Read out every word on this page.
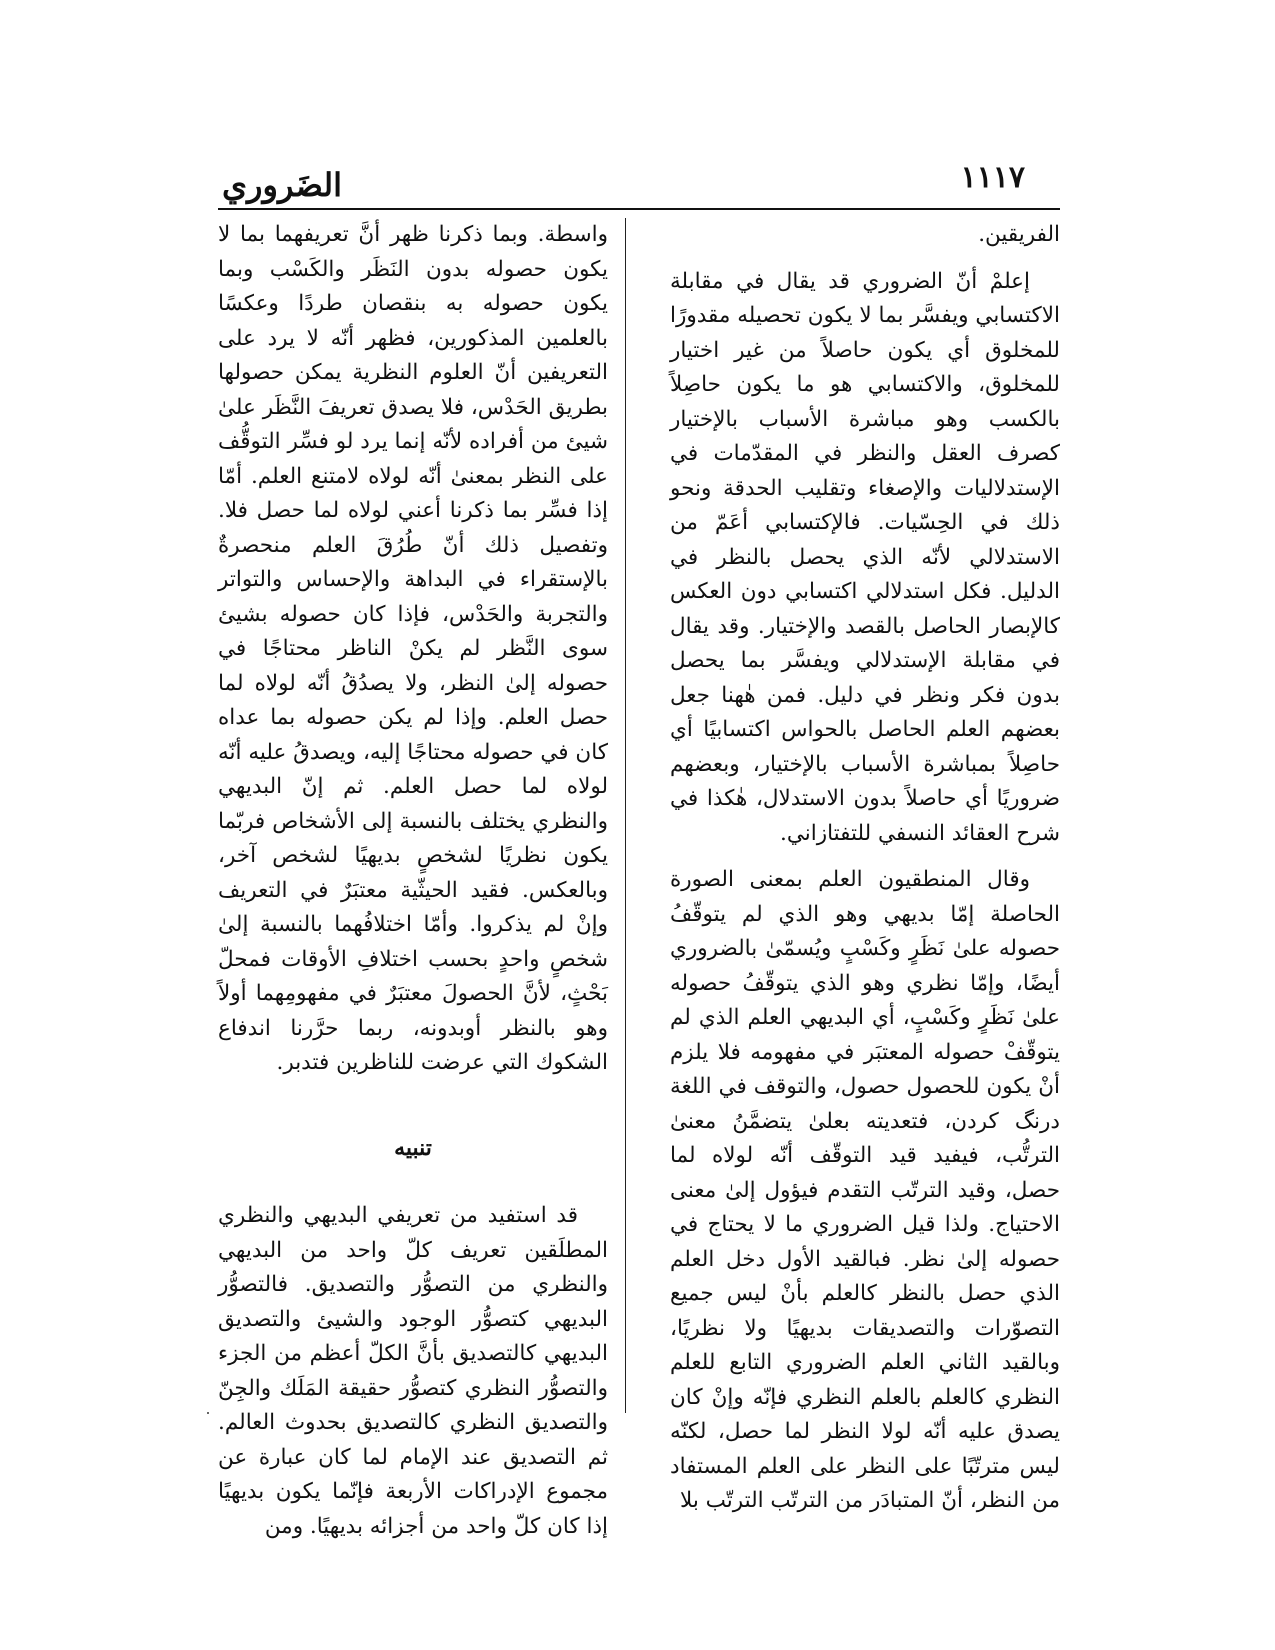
١١١٧
الضَروري

الفريقين.

إعلمْ أنّ الضروري قد يقال في مقابلة الاكتسابي ويفسَّر بما لا يكون تحصيله مقدورًا للمخلوق أي يكون حاصلاً من غير اختيار للمخلوق، والاكتسابي هو ما يكون حاصِلاً بالكسب وهو مباشرة الأسباب بالإختيار كصرف العقل والنظر في المقدّمات في الإستدلاليات والإصغاء وتقليب الحدقة ونحو ذلك في الحِسّيات. فالإكتسابي أعَمّ من الاستدلالي لأنّه الذي يحصل بالنظر في الدليل. فكل استدلالي اكتسابي دون العكس كالإبصار الحاصل بالقصد والإختيار. وقد يقال في مقابلة الإستدلالي ويفسَّر بما يحصل بدون فكر ونظر في دليل. فمن هٰهنا جعل بعضهم العلم الحاصل بالحواس اكتسابيًا أي حاصِلاً بمباشرة الأسباب بالإختيار، وبعضهم ضروريًا أي حاصلاً بدون الاستدلال، هٰكذا في شرح العقائد النسفي للتفتازاني.

وقال المنطقيون العلم بمعنى الصورة الحاصلة إمّا بديهي وهو الذي لم يتوقّفُ حصوله علىٰ نَظَرٍ وكَسْبٍ ويُسمّىٰ بالضروري أيضًا، وإمّا نظري وهو الذي يتوقّفُ حصوله علىٰ نَظَرٍ وكَسْبٍ، أي البديهي العلم الذي لم يتوقّفْ حصوله المعتبَر في مفهومه فلا يلزم أنْ يكون للحصول حصول، والتوقف في اللغة درنگ كردن، فتعديته بعلىٰ يتضمَّنُ معنىٰ الترتُّب، فيفيد قيد التوقّف أنّه لولاه لما حصل، وقيد الترتّب التقدم فيؤول إلىٰ معنى الاحتياج. ولذا قيل الضروري ما لا يحتاج في حصوله إلىٰ نظر. فبالقيد الأول دخل العلم الذي حصل بالنظر كالعلم بأنْ ليس جميع التصوّرات والتصديقات بديهيًا ولا نظريًا، وبالقيد الثاني العلم الضروري التابع للعلم النظري كالعلم بالعلم النظري فإنّه وإنْ كان يصدق عليه أنّه لولا النظر لما حصل، لكنّه ليس مترتّبًا على النظر على العلم المستفاد من النظر، أنّ المتبادَر من الترتّب الترتّب بلا

واسطة. وبما ذكرنا ظهر أنَّ تعريفهما بما لا يكون حصوله بدون النَظَر والكَسْب وبما يكون حصوله به بنقصان طردًا وعكسًا بالعلمين المذكورين، فظهر أنّه لا يرد على التعريفين أنّ العلوم النظرية يمكن حصولها بطريق الحَدْس، فلا يصدق تعريفَ النَّظَر علىٰ شيئ من أفراده لأنّه إنما يرد لو فسِّر التوقُّف على النظر بمعنىٰ أنّه لولاه لامتنع العلم. أمّا إذا فسِّر بما ذكرنا أعني لولاه لما حصل فلا. وتفصيل ذلك أنّ طُرُقَ العلم منحصرةٌ بالإستقراء في البداهة والإحساس والتواتر والتجربة والحَدْس، فإذا كان حصوله بشيئ سوى النَّظر لم يكنْ الناظر محتاجًا في حصوله إلىٰ النظر، ولا يصدُقُ أنّه لولاه لما حصل العلم. وإذا لم يكن حصوله بما عداه كان في حصوله محتاجًا إليه، ويصدقُ عليه أنّه لولاه لما حصل العلم. ثم إنّ البديهي والنظري يختلف بالنسبة إلى الأشخاص فربّما يكون نظريًا لشخصٍ بديهيًا لشخص آخر، وبالعكس. فقيد الحيثّية معتبَرٌ في التعريف وإنْ لم يذكروا. وأمّا اختلافُهما بالنسبة إلىٰ شخصٍ واحدٍ بحسب اختلافِ الأوقات فمحلّ بَحْثٍ، لأنَّ الحصولَ معتبَرٌ في مفهومِهما أولاً وهو بالنظر أوبدونه، ربما حرَّرنا اندفاع الشكوك التي عرضت للناظرين فتدبر.

تنبيه

قد استفيد من تعريفي البديهي والنظري المطلَقين تعريف كلّ واحد من البديهي والنظري من التصوُّر والتصديق. فالتصوُّر البديهي كتصوُّر الوجود والشيئ والتصديق البديهي كالتصديق بأنَّ الكلّ أعظم من الجزء والتصوُّر النظري كتصوُّر حقيقة المَلَك والجِنّ والتصديق النظري كالتصديق بحدوث العالم. ثم التصديق عند الإمام لما كان عبارة عن مجموع الإدراكات الأربعة فإنّما يكون بديهيًا إذا كان كلّ واحد من أجزائه بديهيًا. ومن
